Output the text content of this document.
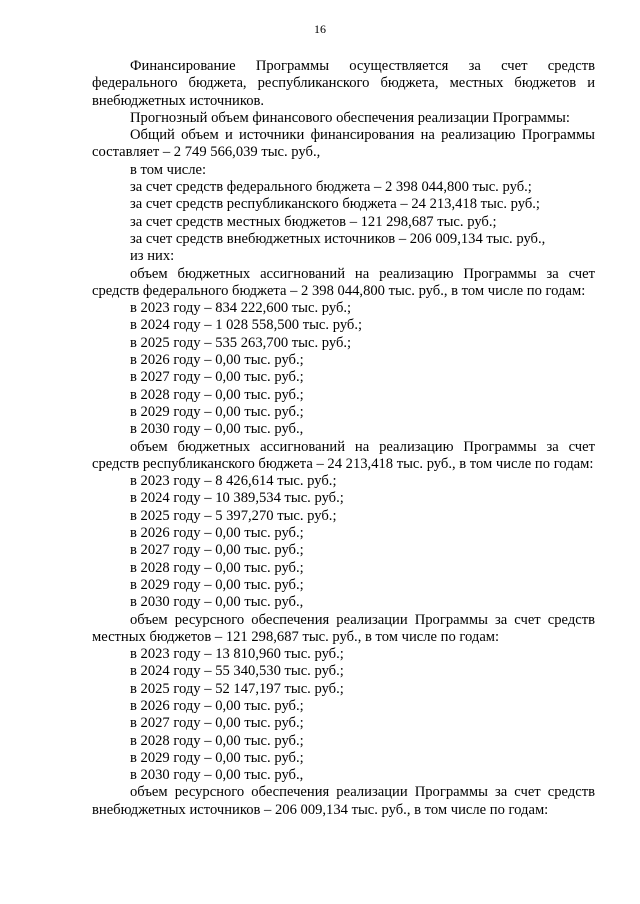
16

Финансирование Программы осуществляется за счет средств федерального бюджета, республиканского бюджета, местных бюджетов и внебюджетных источников.

Прогнозный объем финансового обеспечения реализации Программы:

Общий объем и источники финансирования на реализацию Программы составляет – 2 749 566,039 тыс. руб.,

в том числе:

за счет средств федерального бюджета – 2 398 044,800 тыс. руб.;

за счет средств республиканского бюджета – 24 213,418 тыс. руб.;

за счет средств местных бюджетов – 121 298,687 тыс. руб.;

за счет средств внебюджетных источников – 206 009,134 тыс. руб.,

из них:

объем бюджетных ассигнований на реализацию Программы за счет средств федерального бюджета – 2 398 044,800 тыс. руб., в том числе по годам:

в 2023 году – 834 222,600 тыс. руб.;

в 2024 году – 1 028 558,500 тыс. руб.;

в 2025 году – 535 263,700 тыс. руб.;

в 2026 году – 0,00 тыс. руб.;

в 2027 году – 0,00 тыс. руб.;

в 2028 году – 0,00 тыс. руб.;

в 2029 году – 0,00 тыс. руб.;

в 2030 году – 0,00 тыс. руб.,

объем бюджетных ассигнований на реализацию Программы за счет средств республиканского бюджета – 24 213,418 тыс. руб., в том числе по годам:

в 2023 году – 8 426,614 тыс. руб.;

в 2024 году – 10 389,534 тыс. руб.;

в 2025 году – 5 397,270 тыс. руб.;

в 2026 году – 0,00 тыс. руб.;

в 2027 году – 0,00 тыс. руб.;

в 2028 году – 0,00 тыс. руб.;

в 2029 году – 0,00 тыс. руб.;

в 2030 году – 0,00 тыс. руб.,

объем ресурсного обеспечения реализации Программы за счет средств местных бюджетов – 121 298,687 тыс. руб., в том числе по годам:

в 2023 году – 13 810,960 тыс. руб.;

в 2024 году – 55 340,530 тыс. руб.;

в 2025 году – 52 147,197 тыс. руб.;

в 2026 году – 0,00 тыс. руб.;

в 2027 году – 0,00 тыс. руб.;

в 2028 году – 0,00 тыс. руб.;

в 2029 году – 0,00 тыс. руб.;

в 2030 году – 0,00 тыс. руб.,

объем ресурсного обеспечения реализации Программы за счет средств внебюджетных источников – 206 009,134 тыс. руб., в том числе по годам:
